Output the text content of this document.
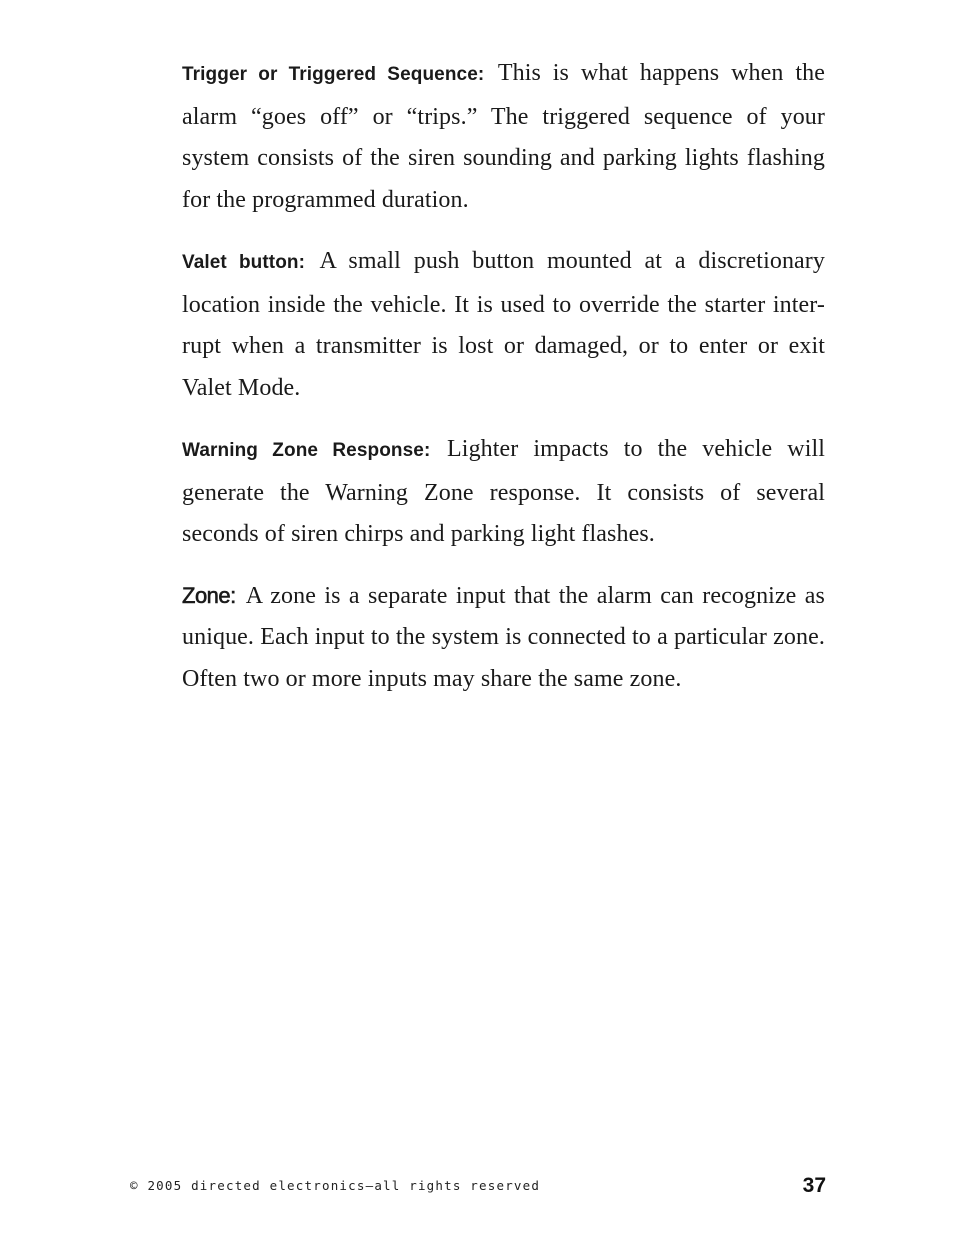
Trigger or Triggered Sequence: This is what happens when the alarm “goes off” or “trips.” The triggered sequence of your system consists of the siren sounding and parking lights flashing for the programmed duration.

Valet button: A small push button mounted at a discretionary location inside the vehicle. It is used to override the starter inter-rupt when a transmitter is lost or damaged, or to enter or exit Valet Mode.

Warning Zone Response: Lighter impacts to the vehicle will generate the Warning Zone response. It consists of several seconds of siren chirps and parking light flashes.

Zone: A zone is a separate input that the alarm can recognize as unique. Each input to the system is connected to a particular zone. Often two or more inputs may share the same zone.

© 2005 directed electronics—all rights reserved	37
